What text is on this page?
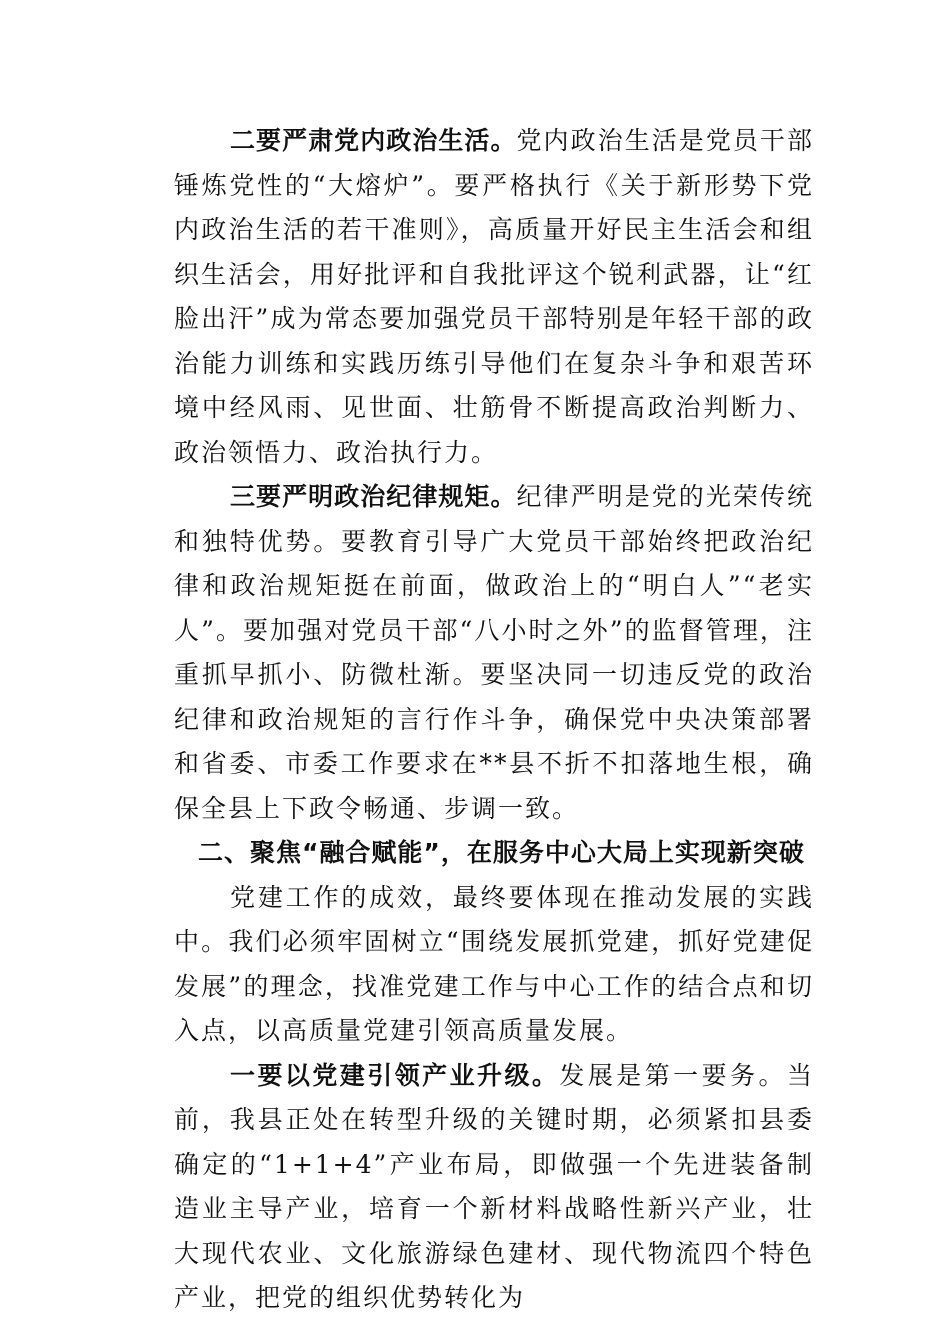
二要严肃党内政治生活。党内政治生活是党员干部锤炼党性的“大熔炉”。要严格执行《关于新形势下党内政治生活的若干准则》，高质量开好民主生活会和组织生活会，用好批评和自我批评这个锐利武器，让“红脸出汗”成为常态要加强党员干部特别是年轻干部的政治能力训练和实践历练引导他们在复杂斗争和艰苦环境中经风雨、见世面、壮筋骨不断提高政治判断力、政治领悟力、政治执行力。

三要严明政治纪律规矩。纪律严明是党的光荣传统和独特优势。要教育引导广大党员干部始终把政治纪律和政治规矩挺在前面，做政治上的“明白人”“老实人”。要加强对党员干部“八小时之外”的监督管理，注重抓早抓小、防微杜渐。要坚决同一切违反党的政治纪律和政治规矩的言行作斗争，确保党中央决策部署和省委、市委工作要求在**县不折不扣落地生根，确保全县上下政令畅通、步调一致。

二、聚焦“融合赋能”，在服务中心大局上实现新突破

党建工作的成效，最终要体现在推动发展的实践中。我们必须牢固树立“围绕发展抓党建，抓好党建促发展”的理念，找准党建工作与中心工作的结合点和切入点，以高质量党建引领高质量发展。

一要以党建引领产业升级。发展是第一要务。当前，我县正处在转型升级的关键时期，必须紧扣县委确定的“1+1+4”产业布局，即做强一个先进装备制造业主导产业，培育一个新材料战略性新兴产业，壮大现代农业、文化旅游绿色建材、现代物流四个特色产业，把党的组织优势转化为
